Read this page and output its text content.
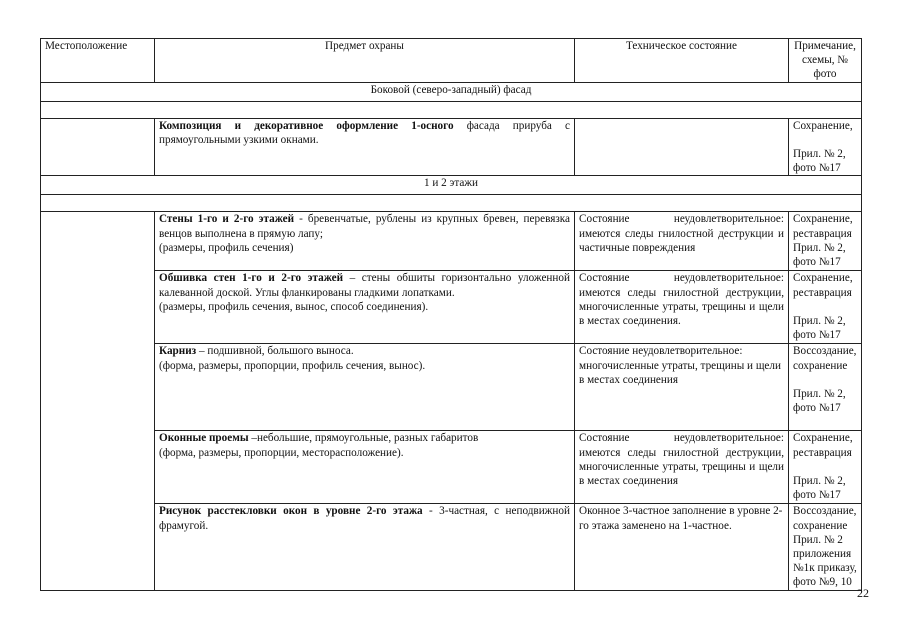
Местоположение	Предмет охраны	Техническое состояние	Примечание, схемы, № фото
Боковой (северо-западный) фасад			

	Композиция и декоративное оформление 1-осного фасада прируба с прямоугольными узкими окнами.		Сохранение,

Прил. № 2,
фото №17
1 и 2 этажи			

	Стены 1-го и 2-го этажей - бревенчатые, рублены из крупных бревен, перевязка венцов выполнена в прямую лапу;
(размеры, профиль сечения)	Состояние неудовлетворительное: имеются следы гнилостной деструкции и частичные повреждения	Сохранение, реставрация
Прил. № 2,
фото №17
	Обшивка стен 1-го и 2-го этажей – стены обшиты горизонтально уложенной калеванной доской. Углы фланкированы гладкими лопатками.
(размеры, профиль сечения, вынос, способ соединения).	Состояние неудовлетворительное: имеются следы гнилостной деструкции, многочисленные утраты, трещины и щели в местах соединения.	Сохранение, реставрация

Прил. № 2,
фото №17
	Карниз – подшивной, большого выноса.
(форма, размеры, пропорции, профиль сечения, вынос).	Состояние неудовлетворительное: многочисленные утраты, трещины и щели в местах соединения	Воссоздание, сохранение

Прил. № 2,
фото №17
	Оконные проемы –небольшие, прямоугольные, разных габаритов
(форма, размеры, пропорции, месторасположение).	Состояние неудовлетворительное: имеются следы гнилостной деструкции, многочисленные утраты, трещины и щели в местах соединения	Сохранение, реставрация

Прил. № 2,
фото №17
	Рисунок расстекловки окон в уровне 2-го этажа - 3-частная, с неподвижной фрамугой.	Оконное 3-частное заполнение в уровне 2-го этажа заменено на 1-частное.	Воссоздание, сохранение
Прил. № 2 приложения №1к приказу, фото №9, 10
22
